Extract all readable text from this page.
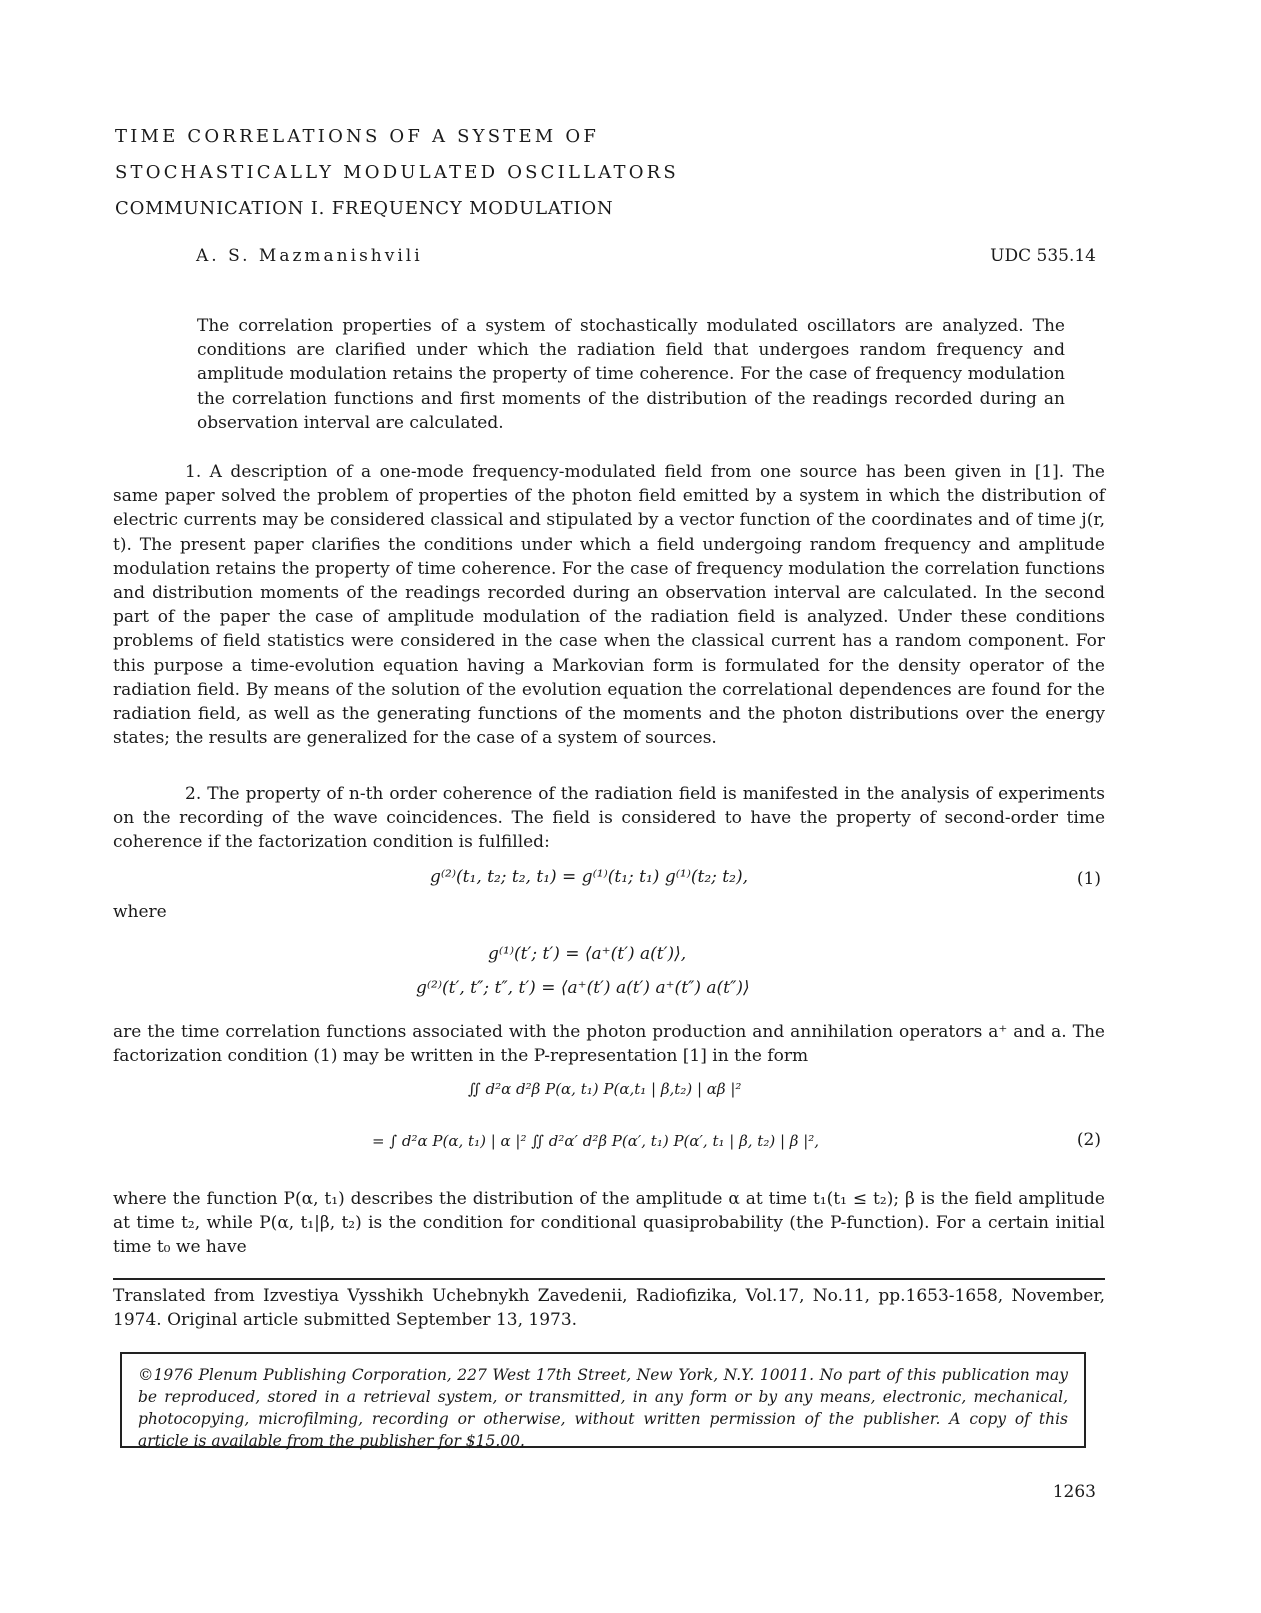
TIME CORRELATIONS OF A SYSTEM OF
STOCHASTICALLY MODULATED OSCILLATORS
COMMUNICATION I. FREQUENCY MODULATION
A. S. Mazmanishvili	UDC 535.14
The correlation properties of a system of stochastically modulated oscillators are analyzed. The conditions are clarified under which the radiation field that undergoes random frequency and amplitude modulation retains the property of time coherence. For the case of frequency modulation the correlation functions and first moments of the distribution of the readings recorded during an observation interval are calculated.
1. A description of a one-mode frequency-modulated field from one source has been given in [1]. The same paper solved the problem of properties of the photon field emitted by a system in which the distribution of electric currents may be considered classical and stipulated by a vector function of the coordinates and of time j(r, t). The present paper clarifies the conditions under which a field undergoing random frequency and amplitude modulation retains the property of time coherence. For the case of frequency modulation the correlation functions and distribution moments of the readings recorded during an observation interval are calculated. In the second part of the paper the case of amplitude modulation of the radiation field is analyzed. Under these conditions problems of field statistics were considered in the case when the classical current has a random component. For this purpose a time-evolution equation having a Markovian form is formulated for the density operator of the radiation field. By means of the solution of the evolution equation the correlational dependences are found for the radiation field, as well as the generating functions of the moments and the photon distributions over the energy states; the results are generalized for the case of a system of sources.
2. The property of n-th order coherence of the radiation field is manifested in the analysis of experiments on the recording of the wave coincidences. The field is considered to have the property of second-order time coherence if the factorization condition is fulfilled:
g⁽²⁾(t₁, t₂; t₂, t₁) = g⁽¹⁾(t₁; t₁) g⁽¹⁾(t₂; t₂),	(1)
where
g⁽¹⁾(t′; t′) = ⟨a⁺(t′) a(t′)⟩,
g⁽²⁾(t′, t″; t″, t′) = ⟨a⁺(t′) a(t′) a⁺(t″) a(t″)⟩
are the time correlation functions associated with the photon production and annihilation operators a⁺ and a. The factorization condition (1) may be written in the P-representation [1] in the form
∬ d²α d²β P(α, t₁) P(α,t₁ | β,t₂) | αβ |²
= ∫ d²α P(α, t₁) | α |² ∬ d²α′ d²β P(α′, t₁) P(α′, t₁ | β, t₂) | β |²,	(2)
where the function P(α, t₁) describes the distribution of the amplitude α at time t₁(t₁ ≤ t₂); β is the field amplitude at time t₂, while P(α, t₁|β, t₂) is the condition for conditional quasiprobability (the P-function). For a certain initial time t₀ we have
Translated from Izvestiya Vysshikh Uchebnykh Zavedenii, Radiofizika, Vol.17, No.11, pp.1653-1658, November, 1974. Original article submitted September 13, 1973.
©1976 Plenum Publishing Corporation, 227 West 17th Street, New York, N.Y. 10011. No part of this publication may be reproduced, stored in a retrieval system, or transmitted, in any form or by any means, electronic, mechanical, photocopying, microfilming, recording or otherwise, without written permission of the publisher. A copy of this article is available from the publisher for $15.00.
1263
